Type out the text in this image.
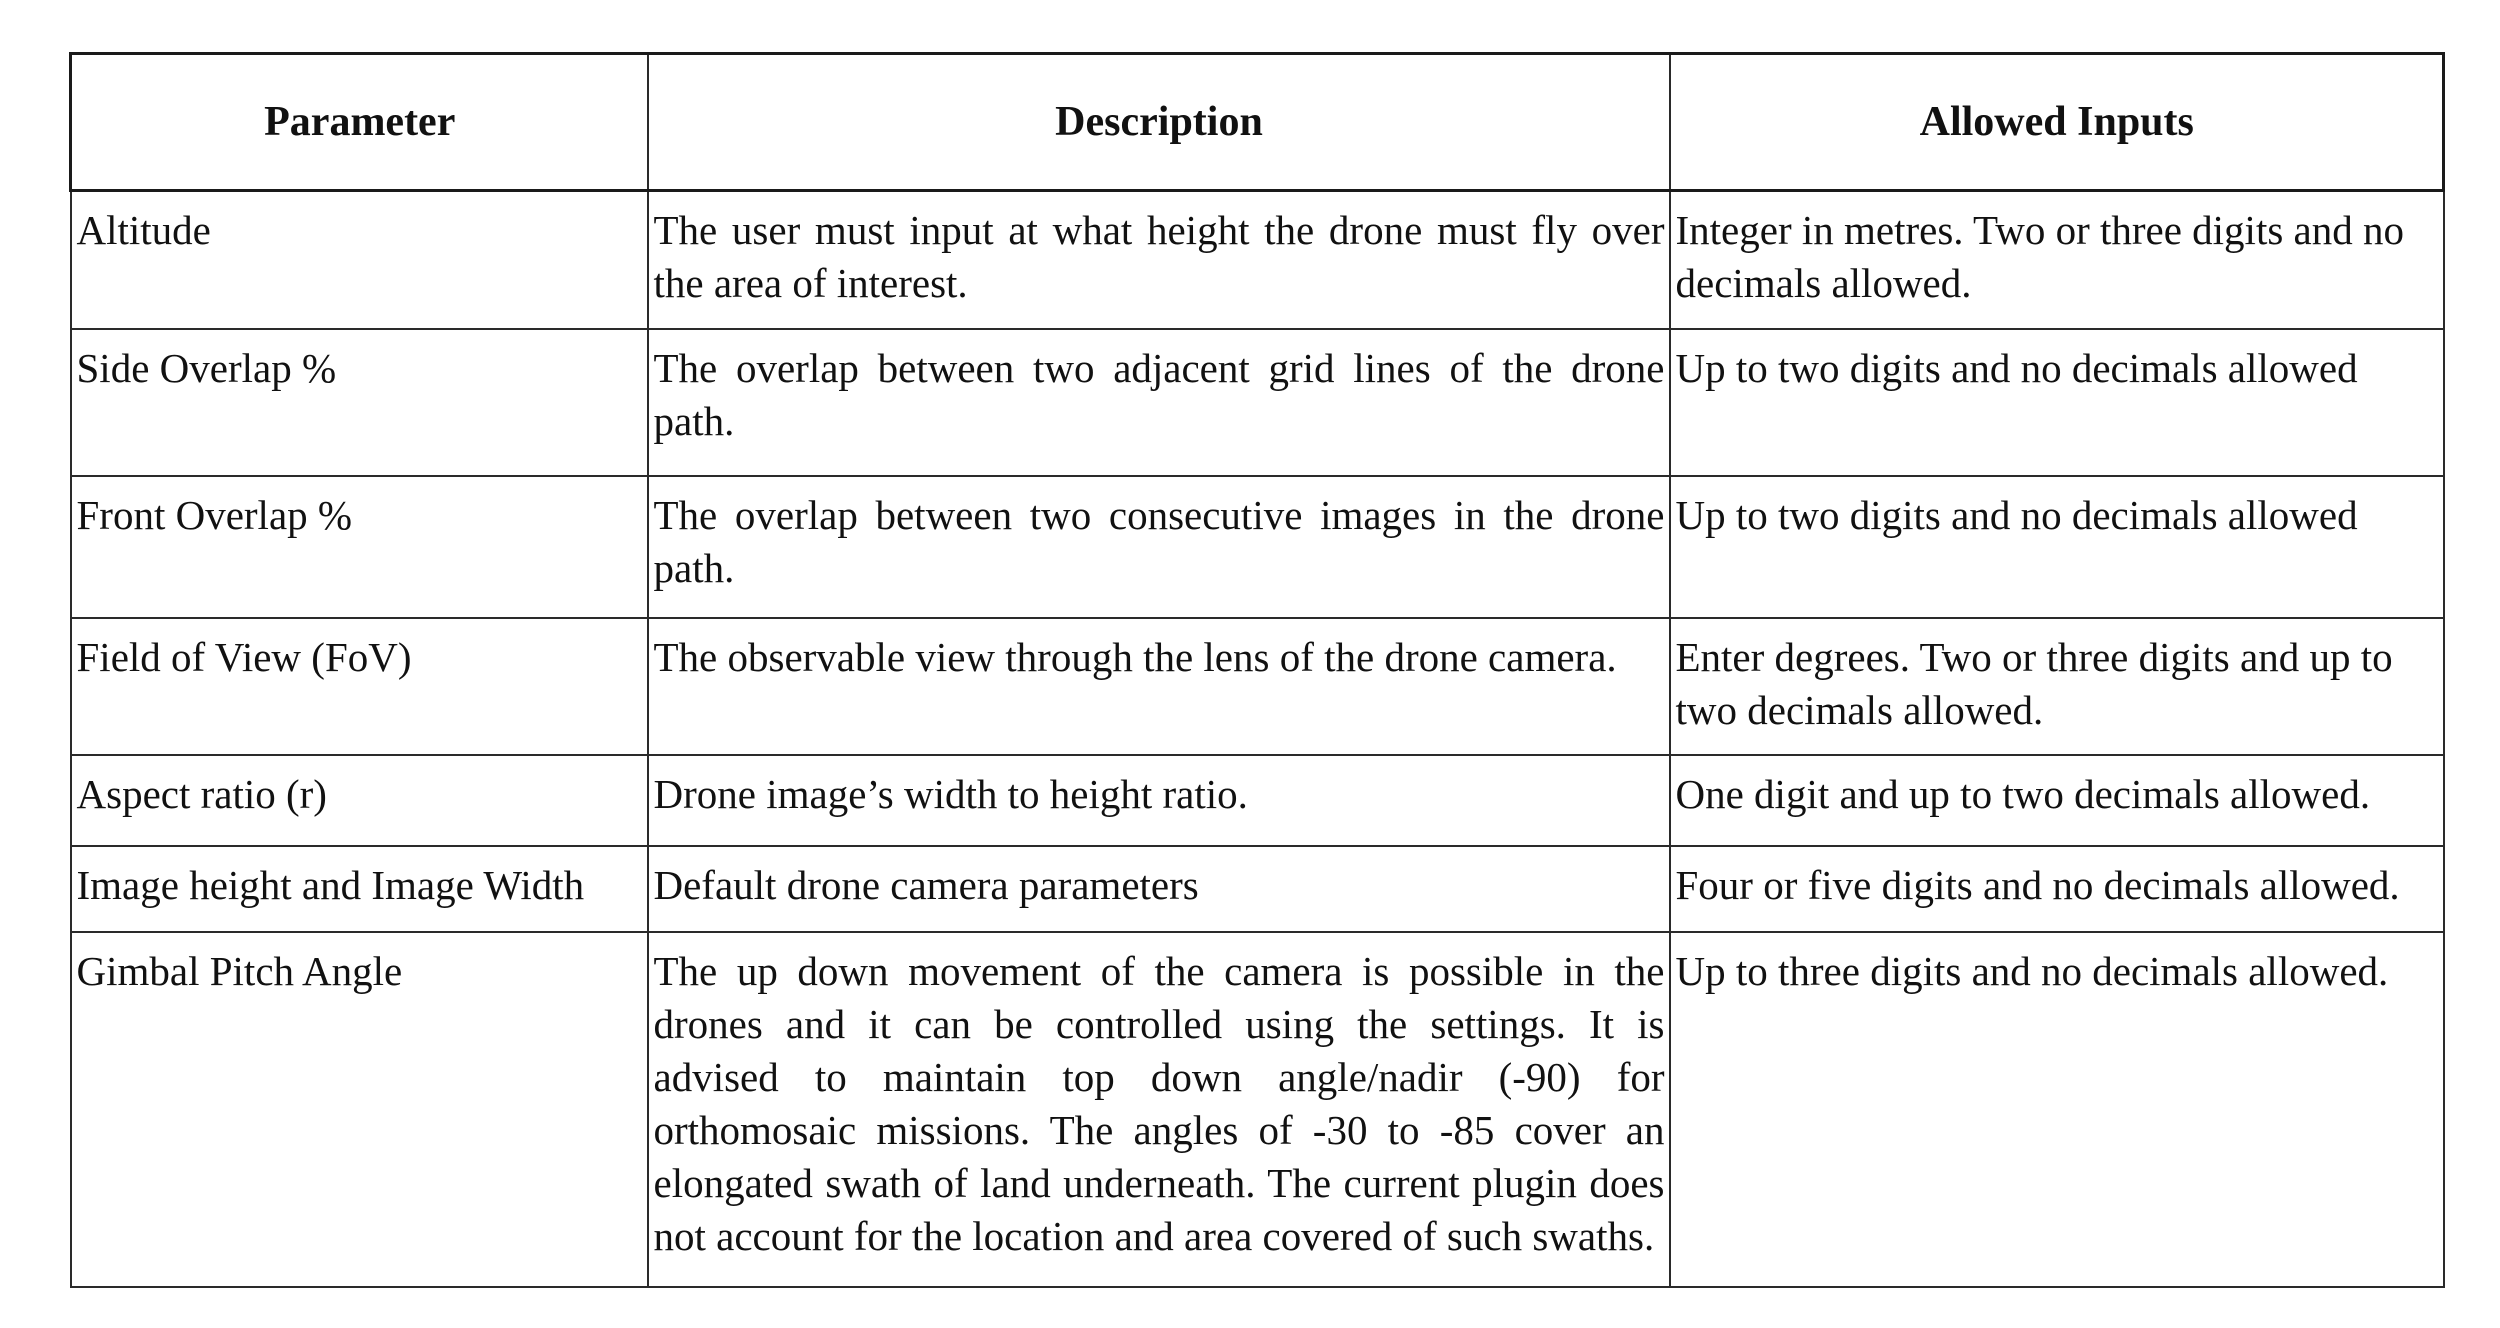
Parameter	Description	Allowed Inputs
Altitude	The user must input at what height the drone must fly over the area of interest.	Integer in metres. Two or three digits and no decimals allowed.
Side Overlap %	The overlap between two adjacent grid lines of the drone path.	Up to two digits and no decimals allowed
Front Overlap %	The overlap between two consecutive images in the drone path.	Up to two digits and no decimals allowed
Field of View (FoV)	The observable view through the lens of the drone camera.	Enter degrees. Two or three digits and up to two decimals allowed.
Aspect ratio (r)	Drone image’s width to height ratio.	One digit and up to two decimals allowed.
Image height and Image Width	Default drone camera parameters	Four or five digits and no decimals allowed.
Gimbal Pitch Angle	The up down movement of the camera is possible in the drones and it can be controlled using the settings. It is advised to maintain top down angle/nadir (-90) for orthomosaic missions. The angles of -30 to -85 cover an elongated swath of land underneath. The current plugin does not account for the location and area covered of such swaths.	Up to three digits and no decimals allowed.
